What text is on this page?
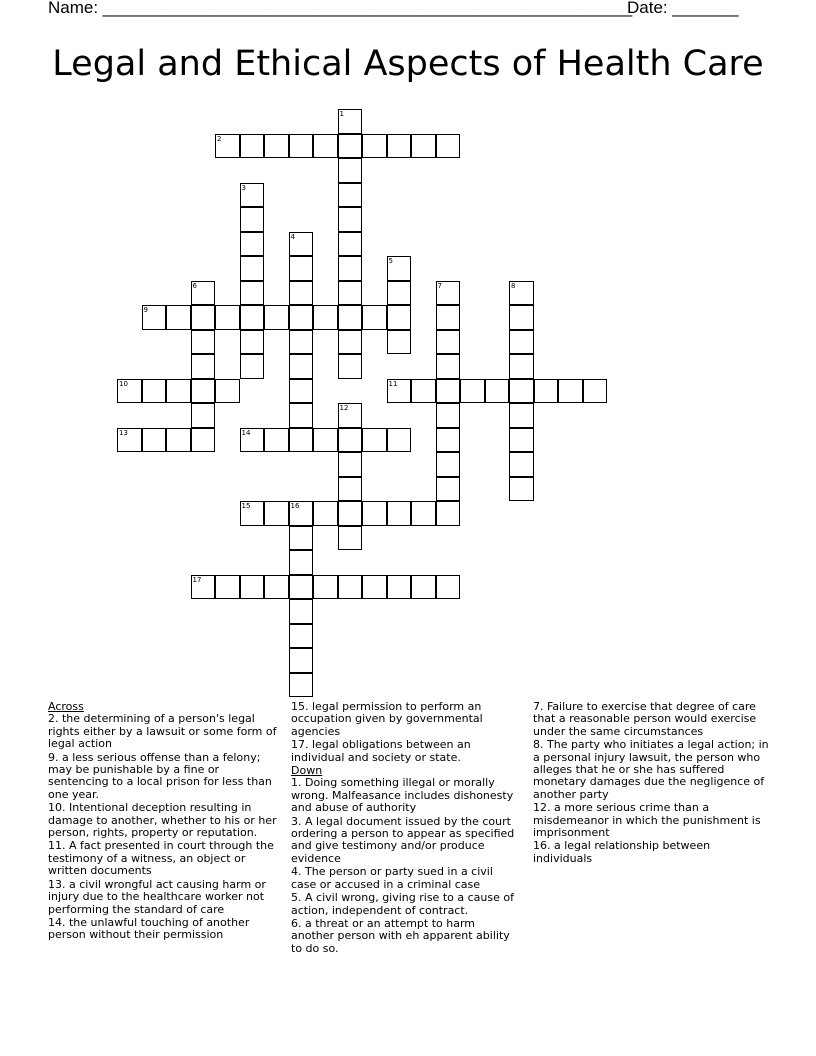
Name: ________________________________________________________
Date: _______
Legal and Ethical Aspects of Health Care
1
2
3
4
5
6	7	8
9
10	11
12
13	14
15	16
17
Across
2. the determining of a person's legal rights either by a lawsuit or some form of legal action
9. a less serious offense than a felony; may be punishable by a fine or sentencing to a local prison for less than one year.
10. Intentional deception resulting in damage to another, whether to his or her person, rights, property or reputation.
11. A fact presented in court through the testimony of a witness, an object or written documents
13. a civil wrongful act causing harm or injury due to the healthcare worker not performing the standard of care
14. the unlawful touching of another person without their permission
15. legal permission to perform an occupation given by governmental agencies
17. legal obligations between an individual and society or state.
Down
1. Doing something illegal or morally wrong. Malfeasance includes dishonesty and abuse of authority
3. A legal document issued by the court ordering a person to appear as specified and give testimony and/or produce evidence
4. The person or party sued in a civil case or accused in a criminal case
5. A civil wrong, giving rise to a cause of action, independent of contract.
6. a threat or an attempt to harm another person with eh apparent ability to do so.
7. Failure to exercise that degree of care that a reasonable person would exercise under the same circumstances
8. The party who initiates a legal action; in a personal injury lawsuit, the person who alleges that he or she has suffered monetary damages due the negligence of another party
12. a more serious crime than a misdemeanor in which the punishment is imprisonment
16. a legal relationship between individuals
